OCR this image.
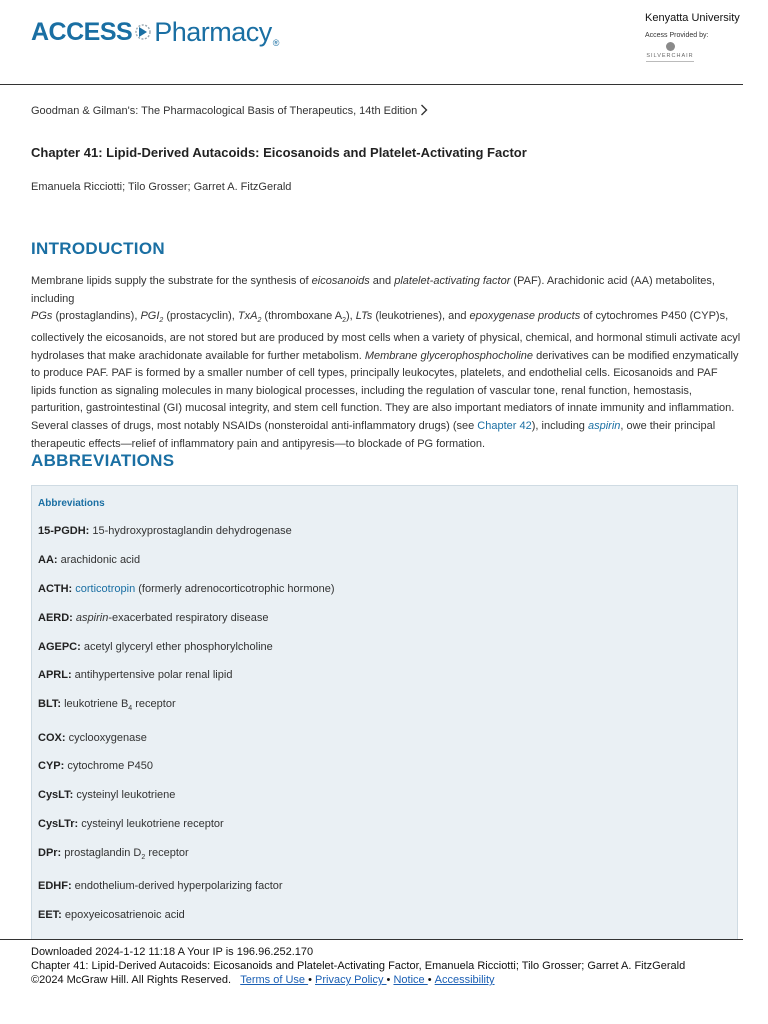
ACCESS Pharmacy ®
Kenyatta University
Access Provided by:
SILVERCHAIR
Goodman & Gilman's: The Pharmacological Basis of Therapeutics, 14th Edition
Chapter 41: Lipid-Derived Autacoids: Eicosanoids and Platelet-Activating Factor
Emanuela Ricciotti; Tilo Grosser; Garret A. FitzGerald
INTRODUCTION
Membrane lipids supply the substrate for the synthesis of eicosanoids and platelet-activating factor (PAF). Arachidonic acid (AA) metabolites, including
PGs (prostaglandins), $PGI_2$ (prostacyclin), TxA$_2$ (thromboxane $A_2$), LTs (leukotrienes), and epoxygenase products of cytochromes P450 (CYP)s,
collectively the eicosanoids, are not stored but are produced by most cells when a variety of physical, chemical, and hormonal stimuli activate acyl hydrolases that make arachidonate available for further metabolism. Membrane glycerophosphocholine derivatives can be modified enzymatically to produce PAF. PAF is formed by a smaller number of cell types, principally leukocytes, platelets, and endothelial cells. Eicosanoids and PAF lipids function as signaling molecules in many biological processes, including the regulation of vascular tone, renal function, hemostasis, parturition, gastrointestinal (GI) mucosal integrity, and stem cell function. They are also important mediators of innate immunity and inflammation. Several classes of drugs, most notably NSAIDs (nonsteroidal anti-inflammatory drugs) (see Chapter 42), including aspirin, owe their principal therapeutic effects—relief of inflammatory pain and antipyresis—to blockade of PG formation.
ABBREVIATIONS
Abbreviations
15-PGDH: 15-hydroxyprostaglandin dehydrogenase
AA: arachidonic acid
ACTH: corticotropin (formerly adrenocorticotrophic hormone)
AERD: aspirin-exacerbated respiratory disease
AGEPC: acetyl glyceryl ether phosphorylcholine
APRL: antihypertensive polar renal lipid
BLT: leukotriene $B_4$ receptor
COX: cyclooxygenase
CYP: cytochrome P450
CysLT: cysteinyl leukotriene
CysLTr: cysteinyl leukotriene receptor
DPr: prostaglandin $D_2$ receptor
EDHF: endothelium-derived hyperpolarizing factor
EET: epoxyeicosatrienoic acid
Downloaded 2024-1-12 11:18 A Your IP is 196.96.252.170
Chapter 41: Lipid-Derived Autacoids: Eicosanoids and Platelet-Activating Factor, Emanuela Ricciotti; Tilo Grosser; Garret A. FitzGerald
©2024 McGraw Hill. All Rights Reserved. Terms of Use • Privacy Policy • Notice • Accessibility
